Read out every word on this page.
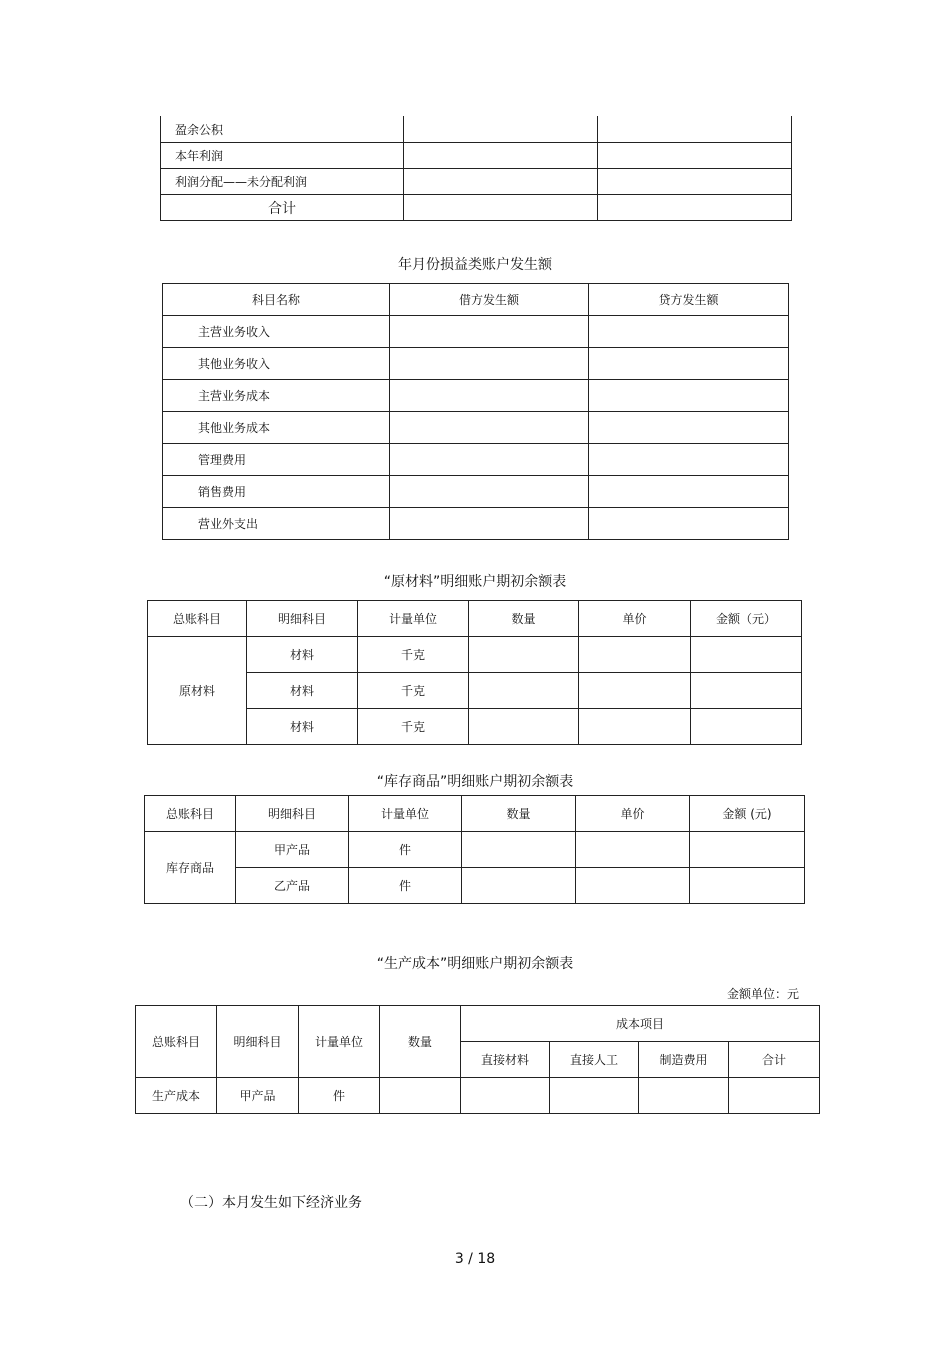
盈余公积		
本年利润		
利润分配——未分配利润		
合计		
年月份损益类账户发生额
科目名称	借方发生额	贷方发生额
主营业务收入		
其他业务收入		
主营业务成本		
其他业务成本		
管理费用		
销售费用		
营业外支出		
“原材料”明细账户期初余额表
总账科目	明细科目	计量单位	数量	单价	金额（元）
原材料	材料	千克			
	材料	千克			
	材料	千克			
“库存商品”明细账户期初余额表
总账科目	明细科目	计量单位	数量	单价	金额 (元)
库存商品	甲产品	件			
	乙产品	件			
“生产成本”明细账户期初余额表
金额单位：元
总账科目	明细科目	计量单位	数量	成本项目			
				直接材料	直接人工	制造费用	合计
生产成本	甲产品	件					
（二）本月发生如下经济业务
3 / 18
